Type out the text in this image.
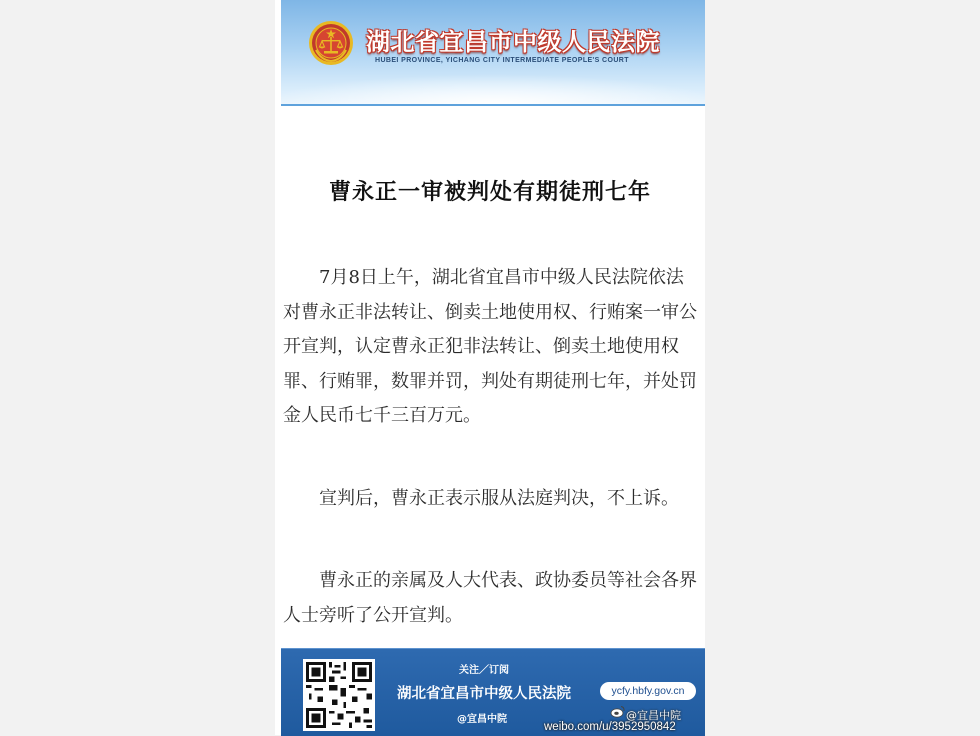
湖北省宜昌市中级人民法院
HUBEI PROVINCE, YICHANG CITY INTERMEDIATE PEOPLE'S COURT
曹永正一审被判处有期徒刑七年

7月8日上午，湖北省宜昌市中级人民法院依法对曹永正非法转让、倒卖土地使用权、行贿案一审公开宣判，认定曹永正犯非法转让、倒卖土地使用权罪、行贿罪，数罪并罚，判处有期徒刑七年，并处罚金人民币七千三百万元。

宣判后，曹永正表示服从法庭判决，不上诉。

曹永正的亲属及人大代表、政协委员等社会各界人士旁听了公开宣判。

关注／订阅
湖北省宜昌市中级人民法院
@宜昌中院
ycfy.hbfy.gov.cn
@宜昌中院
weibo.com/u/3952950842
